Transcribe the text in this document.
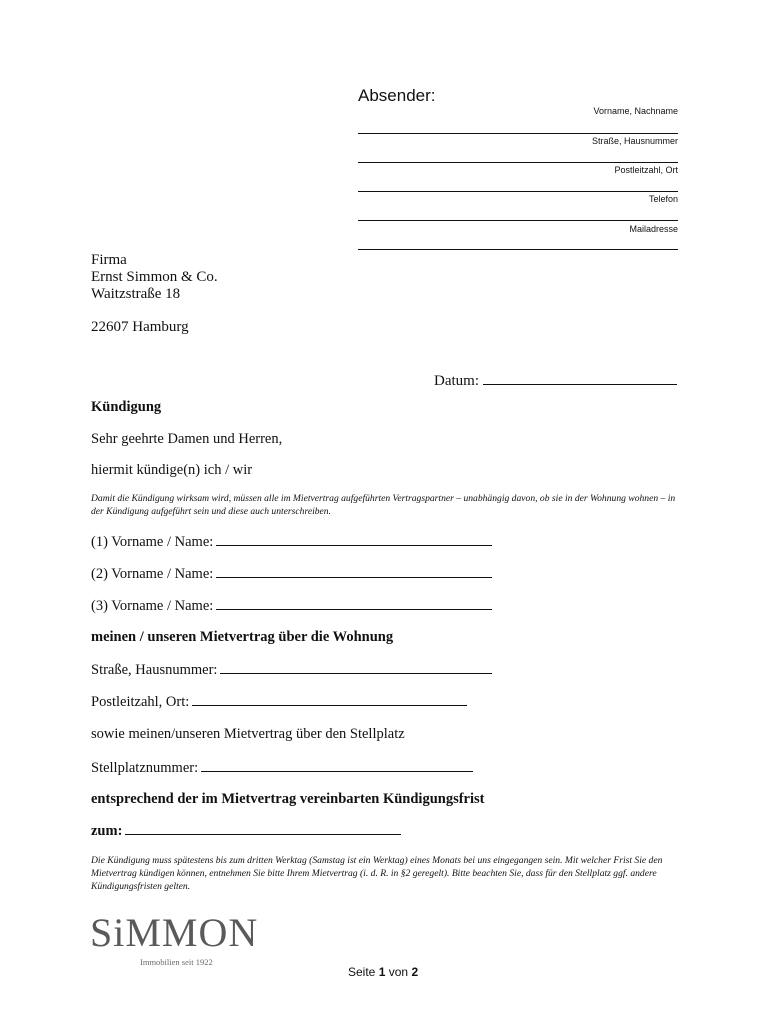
Absender:
Vorname, Nachname
Straße, Hausnummer
Postleitzahl, Ort
Telefon
Mailadresse
Firma
Ernst Simmon & Co.
Waitzstraße 18
22607 Hamburg
Datum:
Kündigung
Sehr geehrte Damen und Herren,
hiermit kündige(n) ich / wir
Damit die Kündigung wirksam wird, müssen alle im Mietvertrag aufgeführten Vertragspartner – unabhängig davon, ob sie in der Wohnung wohnen – in der Kündigung aufgeführt sein und diese auch unterschreiben.
(1) Vorname / Name:
(2) Vorname / Name:
(3) Vorname / Name:
meinen / unseren Mietvertrag über die Wohnung
Straße, Hausnummer:
Postleitzahl, Ort:
sowie meinen/unseren Mietvertrag über den Stellplatz
Stellplatznummer:
entsprechend der im Mietvertrag vereinbarten Kündigungsfrist
zum:
Die Kündigung muss spätestens bis zum dritten Werktag (Samstag ist ein Werktag) eines Monats bei uns eingegangen sein. Mit welcher Frist Sie den Mietvertrag kündigen können, entnehmen Sie bitte Ihrem Mietvertrag (i. d. R. in §2 geregelt). Bitte beachten Sie, dass für den Stellplatz ggf. andere Kündigungsfristen gelten.
SiMMON
Immobilien seit 1922
Seite 1 von 2
